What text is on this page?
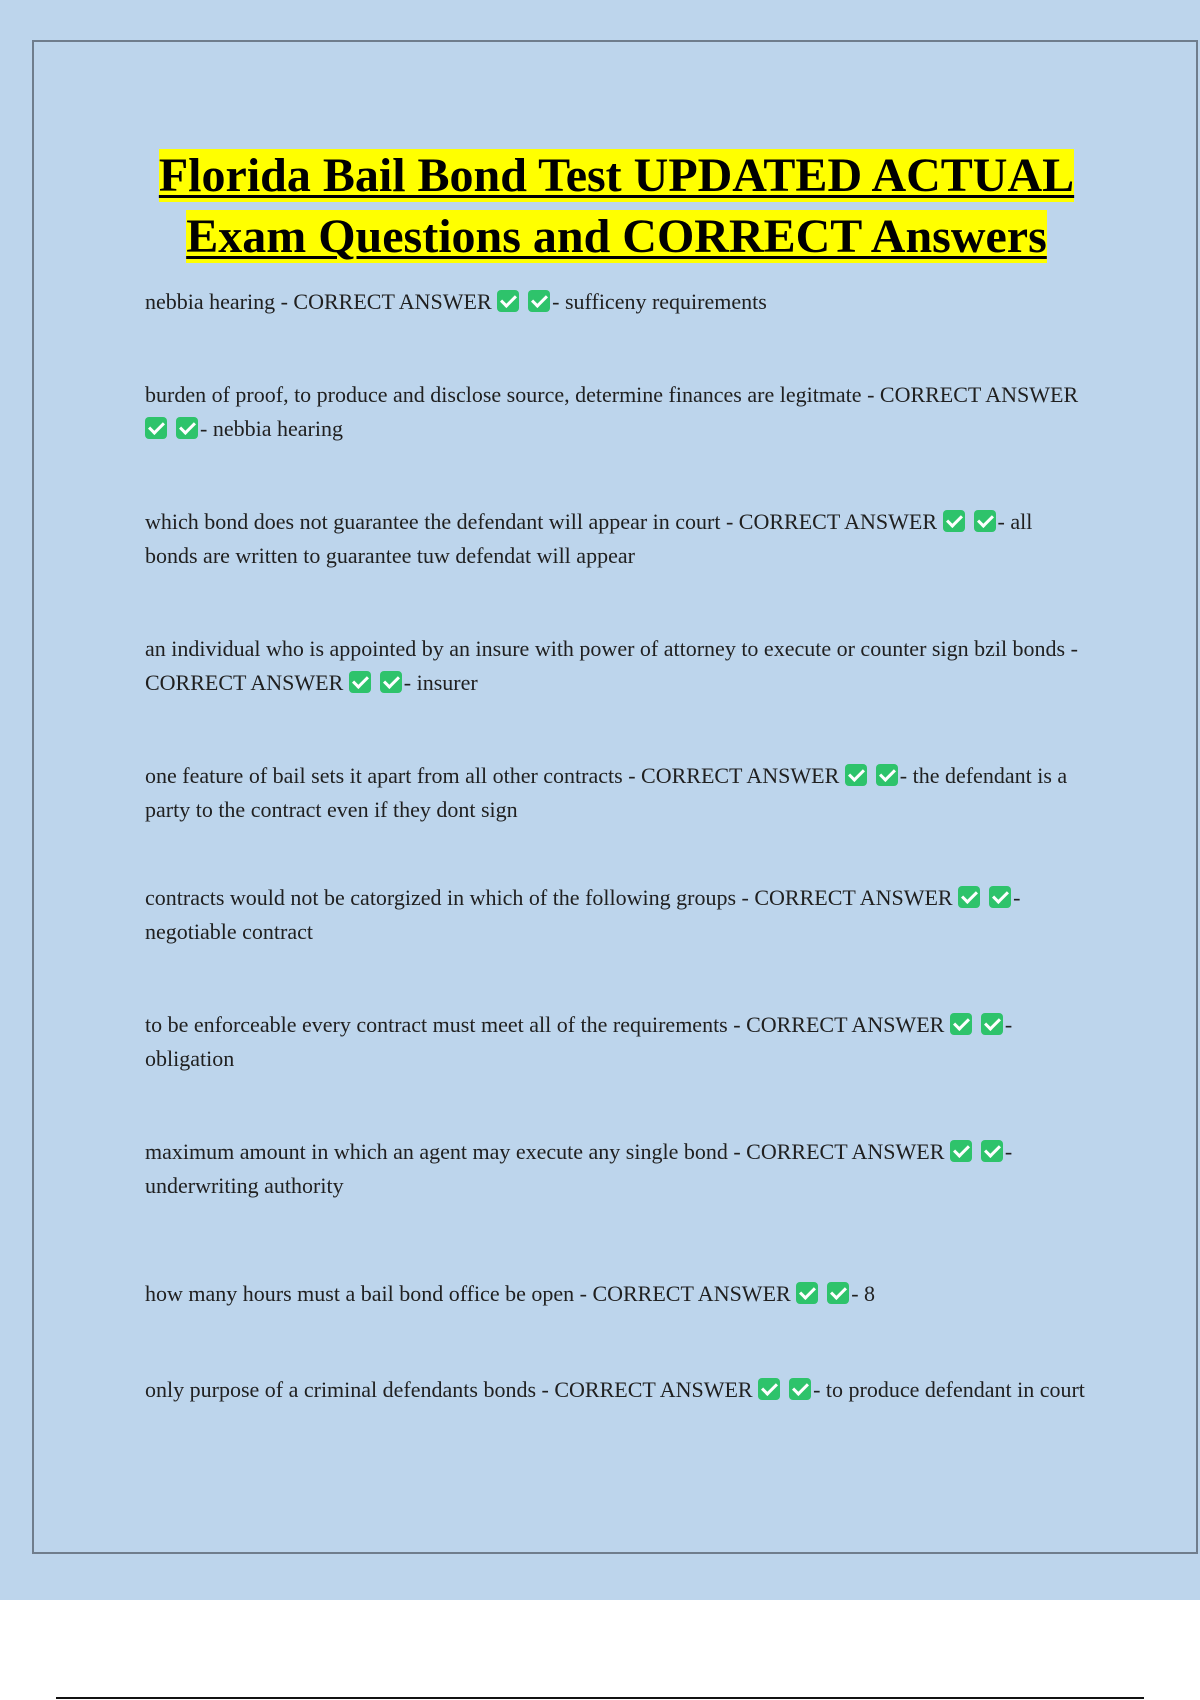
Florida Bail Bond Test UPDATED ACTUAL
Exam Questions and CORRECT Answers
nebbia hearing - CORRECT ANSWER	- sufficeny requirements
burden of proof, to produce and disclose source, determine finances are legitmate - CORRECT ANSWER - nebbia hearing
which bond does not guarantee the defendant will appear in court - CORRECT ANSWER	- all bonds are written to guarantee tuw defendat will appear
an individual who is appointed by an insure with power of attorney to execute or counter sign bzil bonds - CORRECT ANSWER	- insurer
one feature of bail sets it apart from all other contracts - CORRECT ANSWER	- the defendant is a party to the contract even if they dont sign
contracts would not be catorgized in which of the following groups - CORRECT ANSWER	- negotiable contract
to be enforceable every contract must meet all of the requirements - CORRECT ANSWER	- obligation
maximum amount in which an agent may execute any single bond - CORRECT ANSWER	- underwriting authority
how many hours must a bail bond office be open - CORRECT ANSWER	- 8
only purpose of a criminal defendants bonds - CORRECT ANSWER	- to produce defendant in court
